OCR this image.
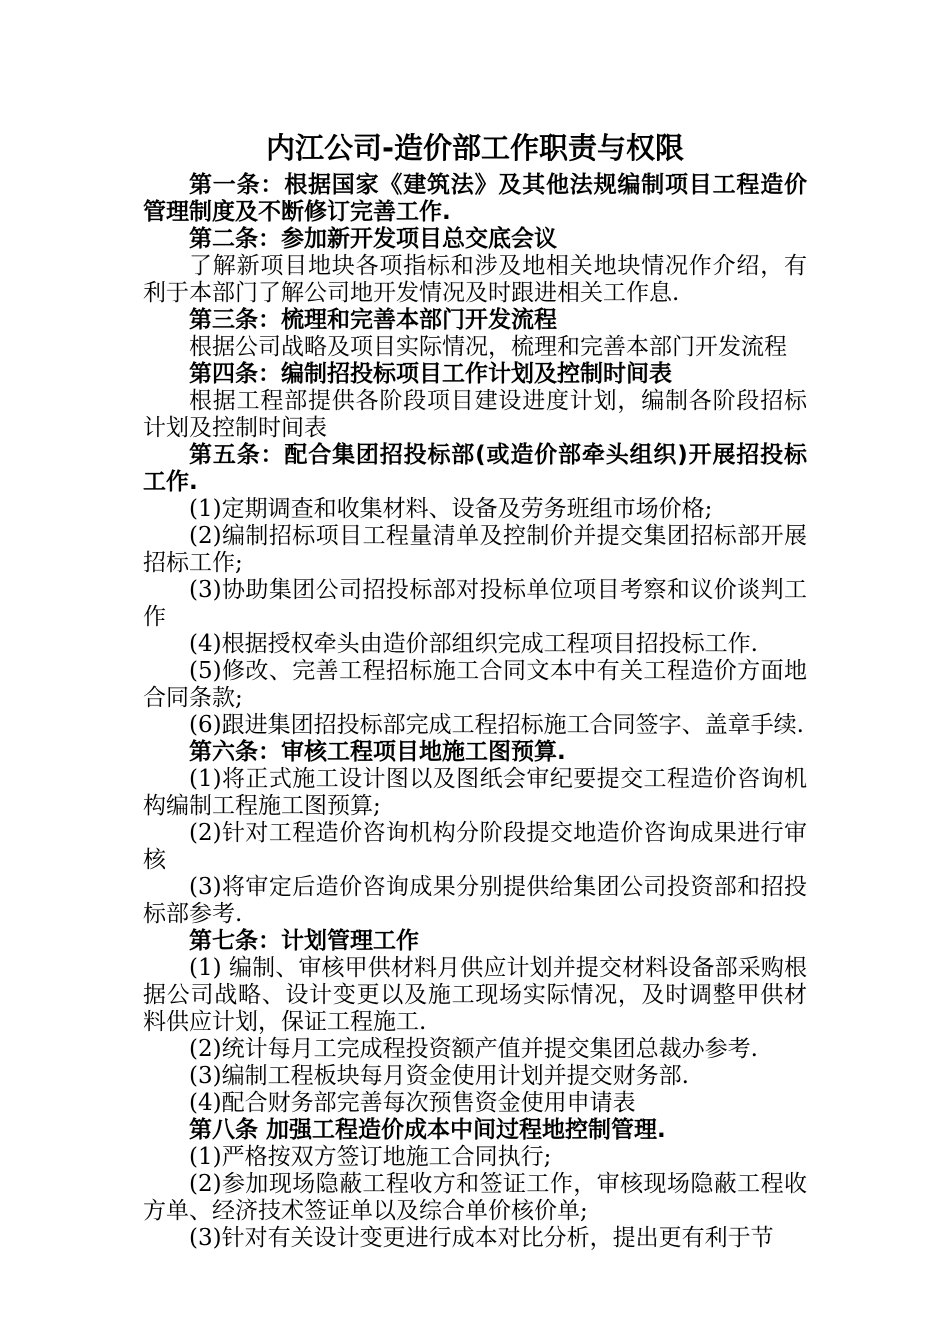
内江公司-造价部工作职责与权限

第一条：根据国家《建筑法》及其他法规编制项目工程造价管理制度及不断修订完善工作.

第二条：参加新开发项目总交底会议

了解新项目地块各项指标和涉及地相关地块情况作介绍，有利于本部门了解公司地开发情况及时跟进相关工作息.

第三条：梳理和完善本部门开发流程

根据公司战略及项目实际情况，梳理和完善本部门开发流程

第四条：编制招投标项目工作计划及控制时间表

根据工程部提供各阶段项目建设进度计划，编制各阶段招标计划及控制时间表

第五条：配合集团招投标部(或造价部牵头组织)开展招投标工作.

(1)定期调查和收集材料、设备及劳务班组市场价格;

(2)编制招标项目工程量清单及控制价并提交集团招标部开展招标工作;

(3)协助集团公司招投标部对投标单位项目考察和议价谈判工作

(4)根据授权牵头由造价部组织完成工程项目招投标工作.

(5)修改、完善工程招标施工合同文本中有关工程造价方面地合同条款;

(6)跟进集团招投标部完成工程招标施工合同签字、盖章手续.

第六条：审核工程项目地施工图预算.

(1)将正式施工设计图以及图纸会审纪要提交工程造价咨询机构编制工程施工图预算;

(2)针对工程造价咨询机构分阶段提交地造价咨询成果进行审核

(3)将审定后造价咨询成果分别提供给集团公司投资部和招投标部参考.

第七条：计划管理工作

(1) 编制、审核甲供材料月供应计划并提交材料设备部采购根据公司战略、设计变更以及施工现场实际情况，及时调整甲供材料供应计划，保证工程施工.

(2)统计每月工完成程投资额产值并提交集团总裁办参考.

(3)编制工程板块每月资金使用计划并提交财务部.

(4)配合财务部完善每次预售资金使用申请表

第八条 加强工程造价成本中间过程地控制管理.

(1)严格按双方签订地施工合同执行;

(2)参加现场隐蔽工程收方和签证工作，审核现场隐蔽工程收方单、经济技术签证单以及综合单价核价单;

(3)针对有关设计变更进行成本对比分析，提出更有利于节
